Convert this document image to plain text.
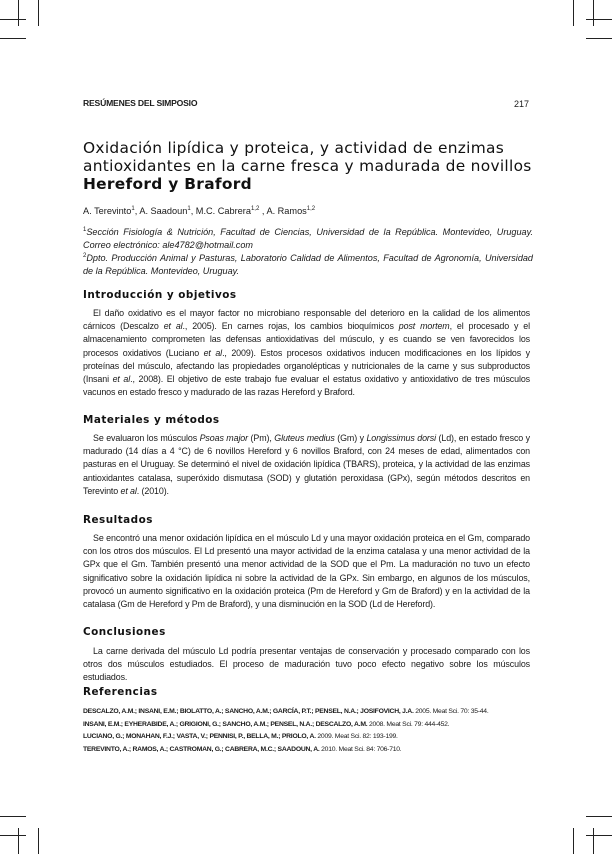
RESÚMENES DEL SIMPOSIO	217
Oxidación lipídica y proteica, y actividad de enzimas antioxidantes en la carne fresca y madurada de novillos Hereford y Braford
A. Terevinto$^1$, A. Saadoun$^1$, M.C. Cabrera$^{1,2}$ , A. Ramos$^{1,2}$
$^1$Sección Fisiología & Nutrición, Facultad de Ciencias, Universidad de la República. Montevideo, Uruguay. Correo electrónico: ale4782@hotmail.com
$^2$Dpto. Producción Animal y Pasturas, Laboratorio Calidad de Alimentos, Facultad de Agronomía, Universidad de la República. Montevideo, Uruguay.
Introducción y objetivos
El daño oxidativo es el mayor factor no microbiano responsable del deterioro en la calidad de los alimentos cárnicos (Descalzo et al., 2005). En carnes rojas, los cambios bioquímicos post mortem, el procesado y el almacenamiento comprometen las defensas antioxidativas del músculo, y es cuando se ven favorecidos los procesos oxidativos (Luciano et al., 2009). Estos procesos oxidativos inducen modificaciones en los lípidos y proteínas del músculo, afectando las propiedades organolépticas y nutricionales de la carne y sus subproductos (Insani et al., 2008). El objetivo de este trabajo fue evaluar el estatus oxidativo y antioxidativo de tres músculos vacunos en estado fresco y madurado de las razas Hereford y Braford.
Materiales y métodos
Se evaluaron los músculos Psoas major (Pm), Gluteus medius (Gm) y Longissimus dorsi (Ld), en estado fresco y madurado (14 días a 4 °C) de 6 novillos Hereford y 6 novillos Braford, con 24 meses de edad, alimentados con pasturas en el Uruguay. Se determinó el nivel de oxidación lipídica (TBARS), proteica, y la actividad de las enzimas antioxidantes catalasa, superóxido dismutasa (SOD) y glutatión peroxidasa (GPx), según métodos descritos en Terevinto et al. (2010).
Resultados
Se encontró una menor oxidación lipídica en el músculo Ld y una mayor oxidación proteica en el Gm, comparado con los otros dos músculos. El Ld presentó una mayor actividad de la enzima catalasa y una menor actividad de la GPx que el Gm. También presentó una menor actividad de la SOD que el Pm. La maduración no tuvo un efecto significativo sobre la oxidación lipídica ni sobre la actividad de la GPx. Sin embargo, en algunos de los músculos, provocó un aumento significativo en la oxidación proteica (Pm de Hereford y Gm de Braford) y en la actividad de la catalasa (Gm de Hereford y Pm de Braford), y una disminución en la SOD (Ld de Hereford).
Conclusiones
La carne derivada del músculo Ld podría presentar ventajas de conservación y procesado comparado con los otros dos músculos estudiados. El proceso de maduración tuvo poco efecto negativo sobre los músculos estudiados.
Referencias
DESCALZO, A.M.; INSANI, E.M.; BIOLATTO, A.; SANCHO, A.M.; GARCÍA, P.T.; PENSEL, N.A.; JOSIFOVICH, J.A. 2005. Meat Sci. 70: 35-44.
INSANI, E.M.; EYHERABIDE, A.; GRIGIONI, G.; SANCHO, A.M.; PENSEL, N.A.; DESCALZO, A.M. 2008. Meat Sci. 79: 444-452.
LUCIANO, G.; MONAHAN, F.J.; VASTA, V.; PENNISI, P., BELLA, M.; PRIOLO, A. 2009. Meat Sci. 82: 193-199.
TEREVINTO, A.; RAMOS, A.; CASTROMAN, G.; CABRERA, M.C.; SAADOUN, A. 2010. Meat Sci. 84: 706-710.
